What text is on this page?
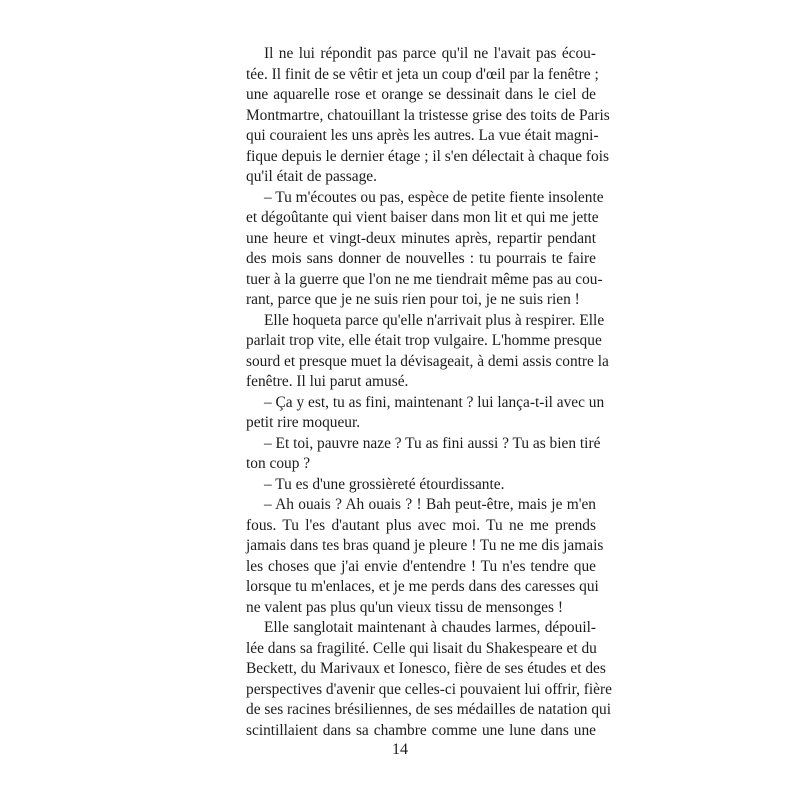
Il ne lui répondit pas parce qu'il ne l'avait pas écou-
tée. Il finit de se vêtir et jeta un coup d'œil par la fenêtre ;
une aquarelle rose et orange se dessinait dans le ciel de
Montmartre, chatouillant la tristesse grise des toits de Paris
qui couraient les uns après les autres. La vue était magni-
fique depuis le dernier étage ; il s'en délectait à chaque fois
qu'il était de passage.
– Tu m'écoutes ou pas, espèce de petite fiente insolente
et dégoûtante qui vient baiser dans mon lit et qui me jette
une heure et vingt-deux minutes après, repartir pendant
des mois sans donner de nouvelles : tu pourrais te faire
tuer à la guerre que l'on ne me tiendrait même pas au cou-
rant, parce que je ne suis rien pour toi, je ne suis rien !
Elle hoqueta parce qu'elle n'arrivait plus à respirer. Elle
parlait trop vite, elle était trop vulgaire. L'homme presque
sourd et presque muet la dévisageait, à demi assis contre la
fenêtre. Il lui parut amusé.
– Ça y est, tu as fini, maintenant ? lui lança-t-il avec un
petit rire moqueur.
– Et toi, pauvre naze ? Tu as fini aussi ? Tu as bien tiré
ton coup ?
– Tu es d'une grossièreté étourdissante.
– Ah ouais ? Ah ouais ? ! Bah peut-être, mais je m'en
fous. Tu l'es d'autant plus avec moi. Tu ne me prends
jamais dans tes bras quand je pleure ! Tu ne me dis jamais
les choses que j'ai envie d'entendre ! Tu n'es tendre que
lorsque tu m'enlaces, et je me perds dans des caresses qui
ne valent pas plus qu'un vieux tissu de mensonges !
Elle sanglotait maintenant à chaudes larmes, dépouil-
lée dans sa fragilité. Celle qui lisait du Shakespeare et du
Beckett, du Marivaux et Ionesco, fière de ses études et des
perspectives d'avenir que celles-ci pouvaient lui offrir, fière
de ses racines brésiliennes, de ses médailles de natation qui
scintillaient dans sa chambre comme une lune dans une
14
